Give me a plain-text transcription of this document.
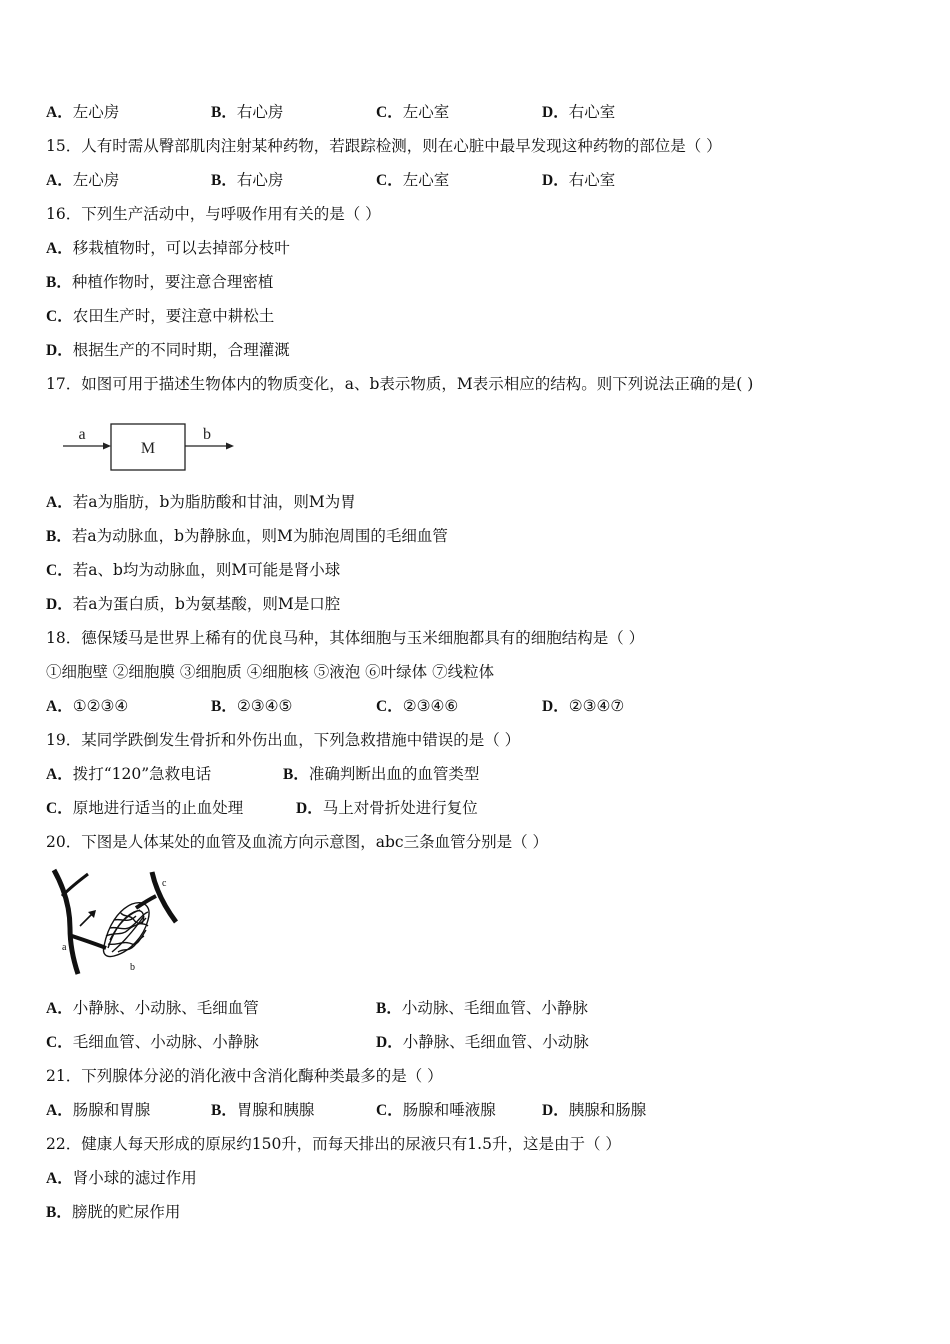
A．左心房	B．右心房	C．左心室	D．右心室
15．人有时需从臀部肌肉注射某种药物，若跟踪检测，则在心脏中最早发现这种药物的部位是（ ）
A．左心房	B．右心房	C．左心室	D．右心室
16．下列生产活动中，与呼吸作用有关的是（ ）
A．移栽植物时，可以去掉部分枝叶
B．种植作物时，要注意合理密植
C．农田生产时，要注意中耕松土
D．根据生产的不同时期，合理灌溉
17．如图可用于描述生物体内的物质变化，a、b表示物质，M表示相应的结构。则下列说法正确的是( )
a
M
b
A．若a为脂肪，b为脂肪酸和甘油，则M为胃
B．若a为动脉血，b为静脉血，则M为肺泡周围的毛细血管
C．若a、b均为动脉血，则M可能是肾小球
D．若a为蛋白质，b为氨基酸，则M是口腔
18．德保矮马是世界上稀有的优良马种，其体细胞与玉米细胞都具有的细胞结构是（ ）
①细胞壁 ②细胞膜 ③细胞质 ④细胞核 ⑤液泡 ⑥叶绿体 ⑦线粒体
A．①②③④	B．②③④⑤	C．②③④⑥	D．②③④⑦
19．某同学跌倒发生骨折和外伤出血，下列急救措施中错误的是（ ）
A．拨打“120”急救电话	B．准确判断出血的血管类型
C．原地进行适当的止血处理	D．马上对骨折处进行复位
20．下图是人体某处的血管及血流方向示意图，abc三条血管分别是（ ）
a
b
c
A．小静脉、小动脉、毛细血管	B．小动脉、毛细血管、小静脉
C．毛细血管、小动脉、小静脉	D．小静脉、毛细血管、小动脉
21．下列腺体分泌的消化液中含消化酶种类最多的是（ ）
A．肠腺和胃腺	B．胃腺和胰腺	C．肠腺和唾液腺	D．胰腺和肠腺
22．健康人每天形成的原尿约150升，而每天排出的尿液只有1.5升，这是由于（ ）
A．肾小球的滤过作用
B．膀胱的贮尿作用
